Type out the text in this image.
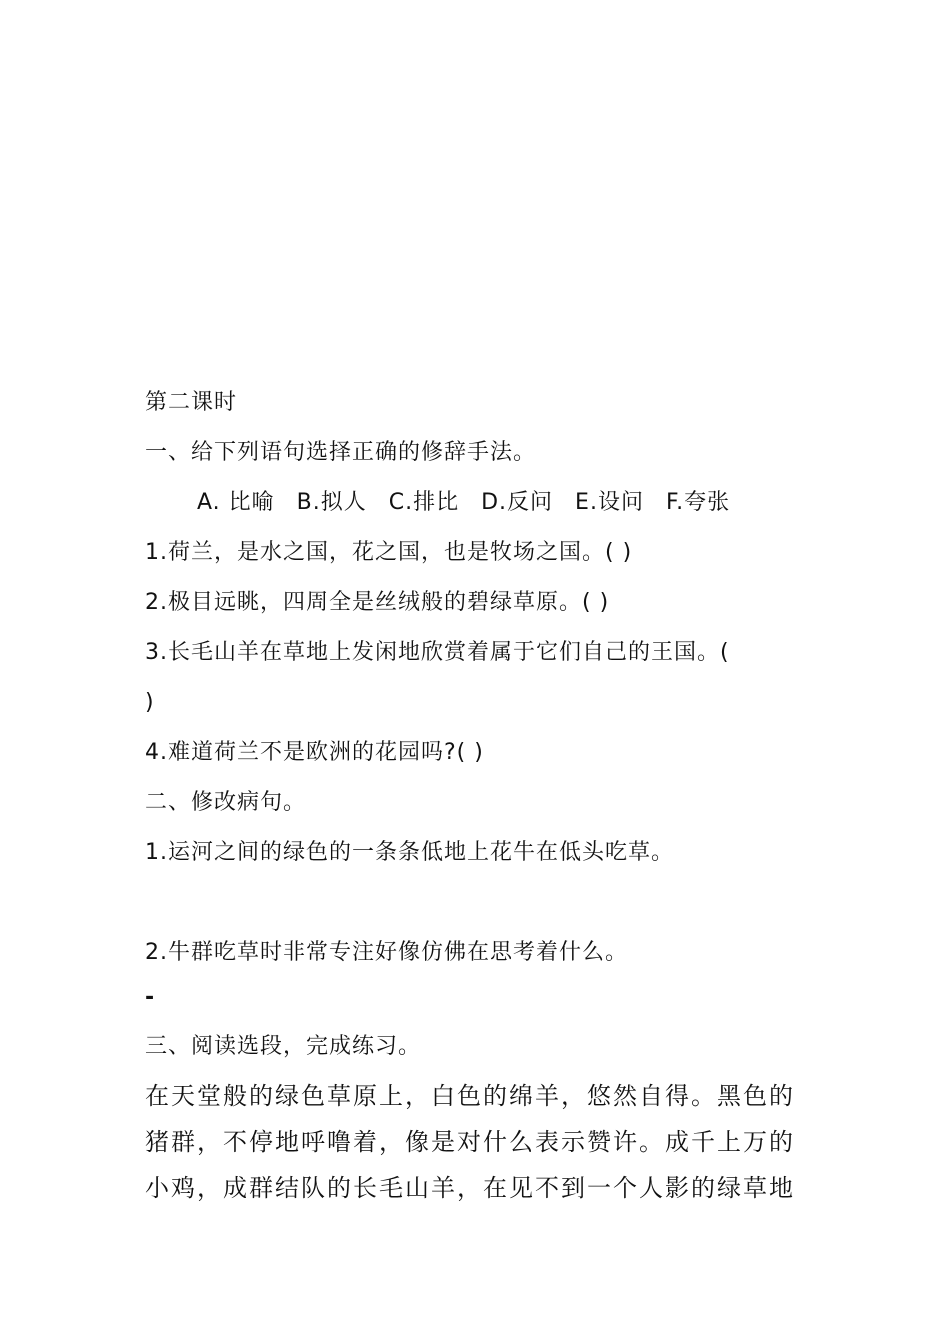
第二课时
一、给下列语句选择正确的修辞手法。
A. 比喻 B.拟人 C.排比 D.反问 E.设问 F.夸张
1.荷兰，是水之国，花之国，也是牧场之国。( )
2.极目远眺，四周全是丝绒般的碧绿草原。( )
3.长毛山羊在草地上发闲地欣赏着属于它们自己的王国。(
)
4.难道荷兰不是欧洲的花园吗?( )
二、修改病句。
1.运河之间的绿色的一条条低地上花牛在低头吃草。
2.牛群吃草时非常专注好像仿佛在思考着什么。
-
三、阅读选段，完成练习。
在天堂般的绿色草原上，白色的绵羊，悠然自得。黑色的猪群，不停地呼噜着，像是对什么表示赞许。成千上万的小鸡，成群结队的长毛山羊，在见不到一个人影的绿草地
